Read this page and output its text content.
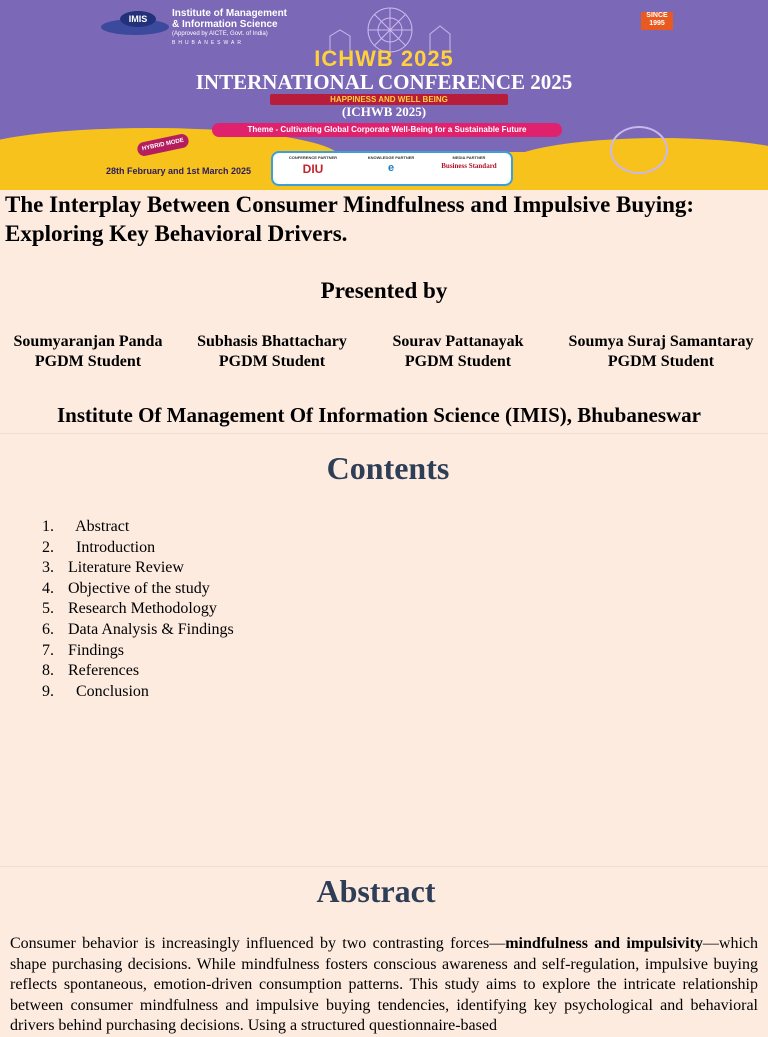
IMIS Institute of Management
& Information Science
(Approved by AICTE, Govt. of India)
BHUBANESWAR
SINCE
1995
ICHWB 2025
INTERNATIONAL CONFERENCE 2025
HAPPINESS AND WELL BEING
(ICHWB 2025)
Theme - Cultivating Global Corporate Well-Being for a Sustainable Future
HYBRID MODE
28th February and 1st March 2025
CONFERENCE PARTNER
DIU
KNOWLEDGE PARTNER
e
MEDIA PARTNER
Business Standard
The Interplay Between Consumer Mindfulness and Impulsive Buying: Exploring Key Behavioral Drivers.
Presented by
Soumyaranjan Panda
PGDM Student
Subhasis Bhattachary
PGDM Student
Sourav Pattanayak
PGDM Student
Soumya Suraj Samantaray
PGDM Student
Institute Of Management Of Information Science (IMIS), Bhubaneswar
Contents
1. Abstract
2. Introduction
3. Literature Review
4. Objective of the study
5. Research Methodology
6. Data Analysis & Findings
7. Findings
8. References
9. Conclusion
Abstract
Consumer behavior is increasingly influenced by two contrasting forces—mindfulness and impulsivity—which shape purchasing decisions. While mindfulness fosters conscious awareness and self-regulation, impulsive buying reflects spontaneous, emotion-driven consumption patterns. This study aims to explore the intricate relationship between consumer mindfulness and impulsive buying tendencies, identifying key psychological and behavioral drivers behind purchasing decisions. Using a structured questionnaire-based
